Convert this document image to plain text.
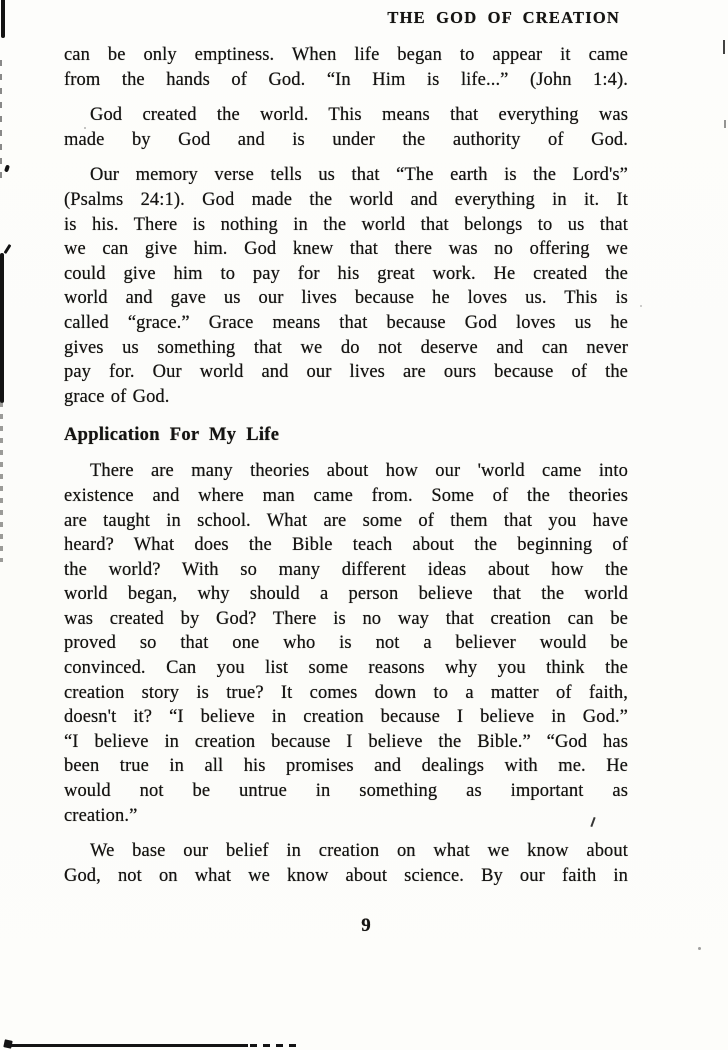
THE GOD OF CREATION
can be only emptiness. When life began to appear it came
from the hands of God. “In Him is life...” (John 1:4).
God created the world. This means that everything was
made by God and is under the authority of God.
Our memory verse tells us that “The earth is the Lord's”
(Psalms 24:1). God made the world and everything in it. It
is his. There is nothing in the world that belongs to us that
we can give him. God knew that there was no offering we
could give him to pay for his great work. He created the
world and gave us our lives because he loves us. This is
called “grace.” Grace means that because God loves us he
gives us something that we do not deserve and can never
pay for. Our world and our lives are ours because of the
grace of God.
Application For My Life
There are many theories about how our 'world came into
existence and where man came from. Some of the theories
are taught in school. What are some of them that you have
heard? What does the Bible teach about the beginning of
the world? With so many different ideas about how the
world began, why should a person believe that the world
was created by God? There is no way that creation can be
proved so that one who is not a believer would be
convinced. Can you list some reasons why you think the
creation story is true? It comes down to a matter of faith,
doesn't it? “I believe in creation because I believe in God.”
“I believe in creation because I believe the Bible.” “God has
been true in all his promises and dealings with me. He
would not be untrue in something as important as
creation.”
We base our belief in creation on what we know about
God, not on what we know about science. By our faith in
9
